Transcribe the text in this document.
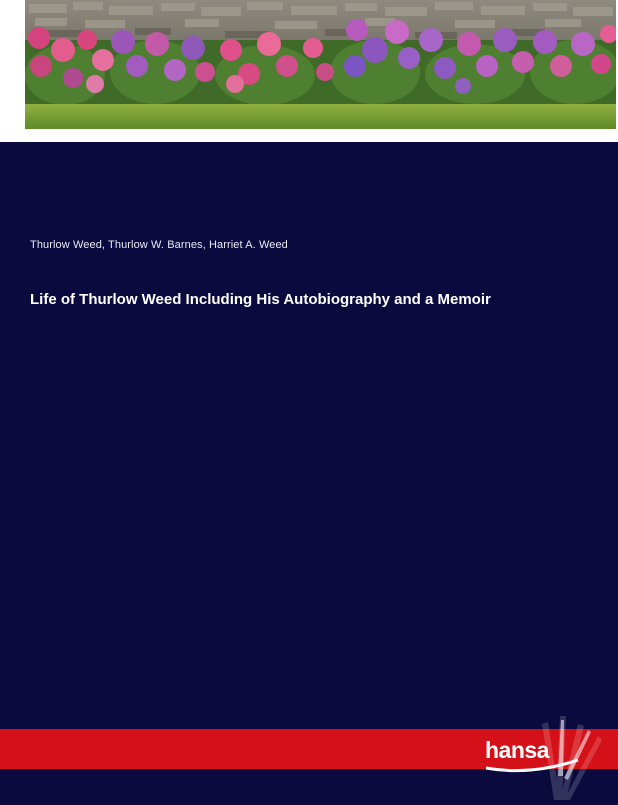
Thurlow Weed, Thurlow W. Barnes, Harriet A. Weed
Life of Thurlow Weed Including His Autobiography and a Memoir
hansa
